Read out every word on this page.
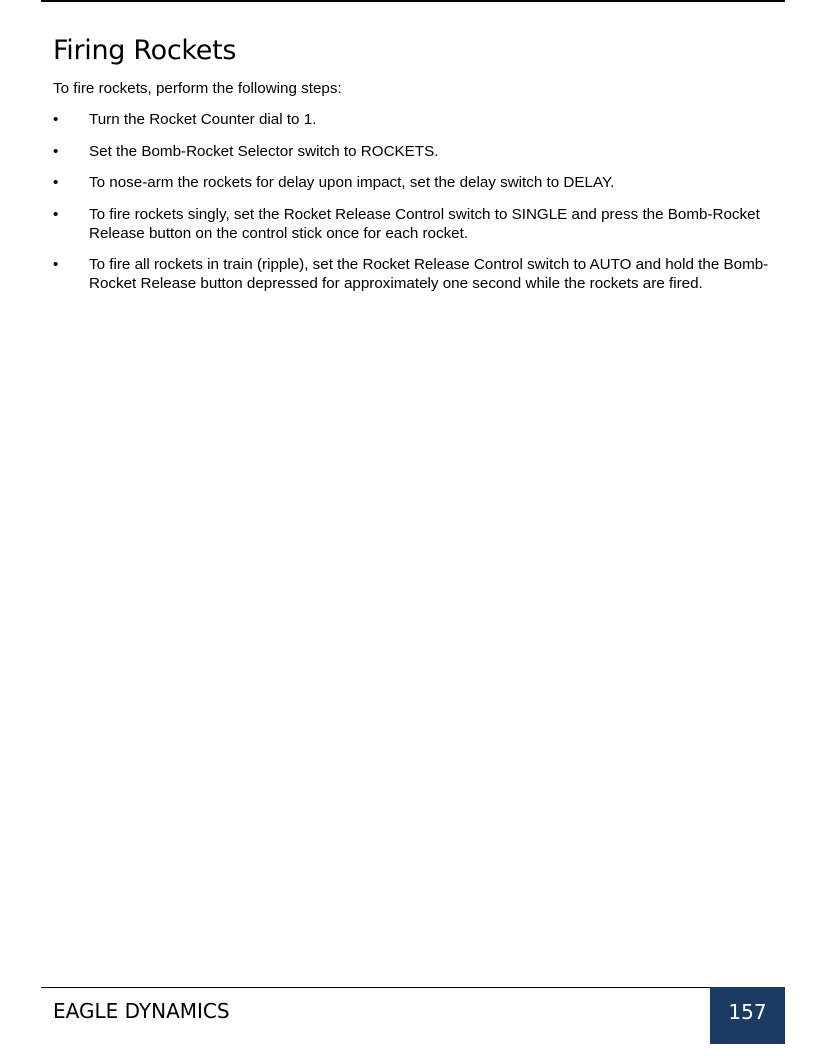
Firing Rockets

To fire rockets, perform the following steps:

•	Turn the Rocket Counter dial to 1.
•	Set the Bomb-Rocket Selector switch to ROCKETS.
•	To nose-arm the rockets for delay upon impact, set the delay switch to DELAY.
•	To fire rockets singly, set the Rocket Release Control switch to SINGLE and press the Bomb-Rocket Release button on the control stick once for each rocket.
•	To fire all rockets in train (ripple), set the Rocket Release Control switch to AUTO and hold the Bomb-Rocket Release button depressed for approximately one second while the rockets are fired.
EAGLE DYNAMICS	157
